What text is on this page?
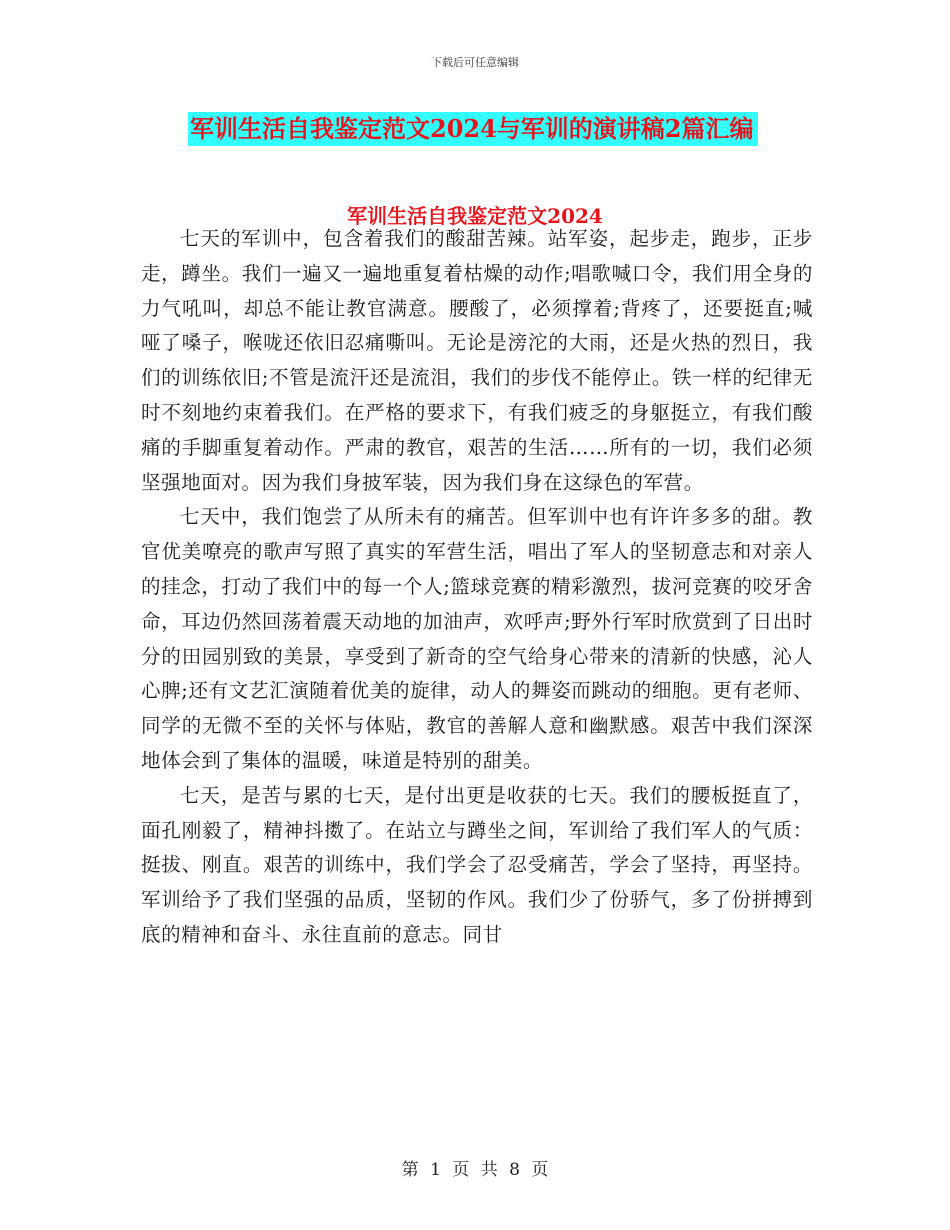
下载后可任意编辑
军训生活自我鉴定范文2024与军训的演讲稿2篇汇编
军训生活自我鉴定范文2024

七天的军训中，包含着我们的酸甜苦辣。站军姿，起步走，跑步，正步走，蹲坐。我们一遍又一遍地重复着枯燥的动作;唱歌喊口令，我们用全身的力气吼叫，却总不能让教官满意。腰酸了，必须撑着;背疼了，还要挺直;喊哑了嗓子，喉咙还依旧忍痛嘶叫。无论是滂沱的大雨，还是火热的烈日，我们的训练依旧;不管是流汗还是流泪，我们的步伐不能停止。铁一样的纪律无时不刻地约束着我们。在严格的要求下，有我们疲乏的身躯挺立，有我们酸痛的手脚重复着动作。严肃的教官，艰苦的生活……所有的一切，我们必须坚强地面对。因为我们身披军装，因为我们身在这绿色的军营。

七天中，我们饱尝了从所未有的痛苦。但军训中也有许许多多的甜。教官优美嘹亮的歌声写照了真实的军营生活，唱出了军人的坚韧意志和对亲人的挂念，打动了我们中的每一个人;篮球竞赛的精彩激烈，拔河竞赛的咬牙舍命，耳边仍然回荡着震天动地的加油声，欢呼声;野外行军时欣赏到了日出时分的田园别致的美景，享受到了新奇的空气给身心带来的清新的快感，沁人心脾;还有文艺汇演随着优美的旋律，动人的舞姿而跳动的细胞。更有老师、同学的无微不至的关怀与体贴，教官的善解人意和幽默感。艰苦中我们深深地体会到了集体的温暖，味道是特别的甜美。

七天，是苦与累的七天，是付出更是收获的七天。我们的腰板挺直了，面孔刚毅了，精神抖擞了。在站立与蹲坐之间，军训给了我们军人的气质：挺拔、刚直。艰苦的训练中，我们学会了忍受痛苦，学会了坚持，再坚持。军训给予了我们坚强的品质，坚韧的作风。我们少了份骄气，多了份拼搏到底的精神和奋斗、永往直前的意志。同甘

第 1 页 共 8 页
